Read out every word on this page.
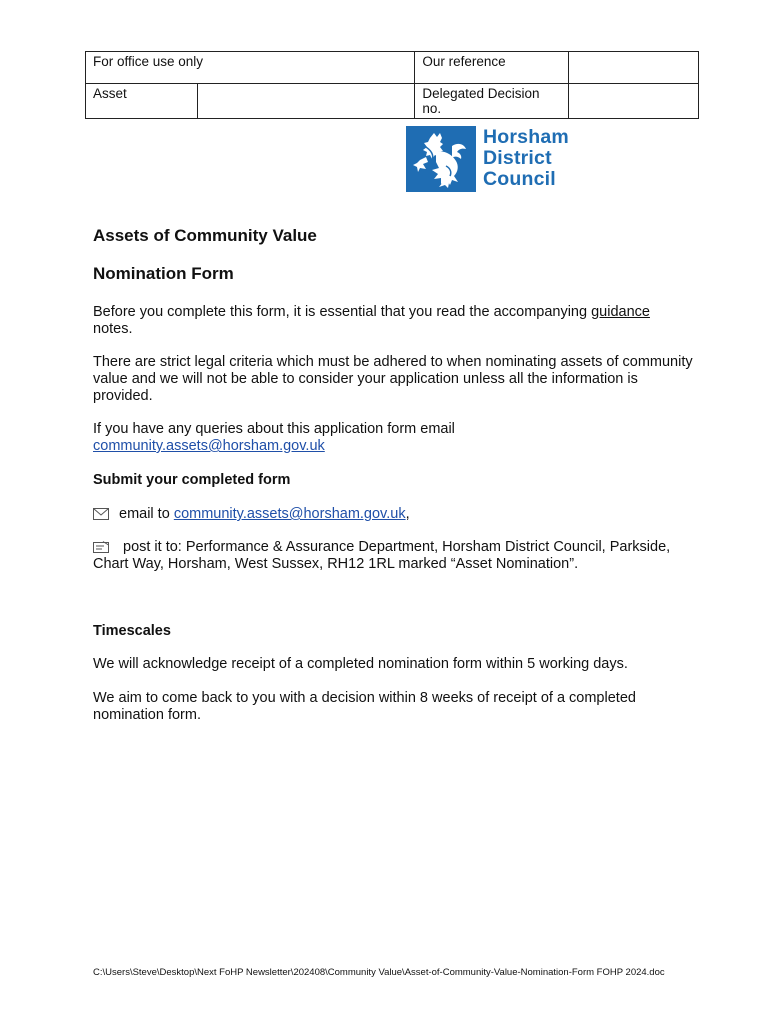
For office use only		Our reference	
Asset		Delegated Decision no.	
Horsham
District
Council
Assets of Community Value
Nomination Form
Before you complete this form, it is essential that you read the accompanying guidance notes.
There are strict legal criteria which must be adhered to when nominating assets of community value and we will not be able to consider your application unless all the information is provided.
If you have any queries about this application form email
community.assets@horsham.gov.uk
Submit your completed form
email to community.assets@horsham.gov.uk,
post it to: Performance & Assurance Department, Horsham District Council, Parkside, Chart Way, Horsham, West Sussex, RH12 1RL marked “Asset Nomination”.
Timescales
We will acknowledge receipt of a completed nomination form within 5 working days.
We aim to come back to you with a decision within 8 weeks of receipt of a completed nomination form.
C:\Users\Steve\Desktop\Next FoHP Newsletter\202408\Community Value\Asset-of-Community-Value-Nomination-Form FOHP 2024.doc
